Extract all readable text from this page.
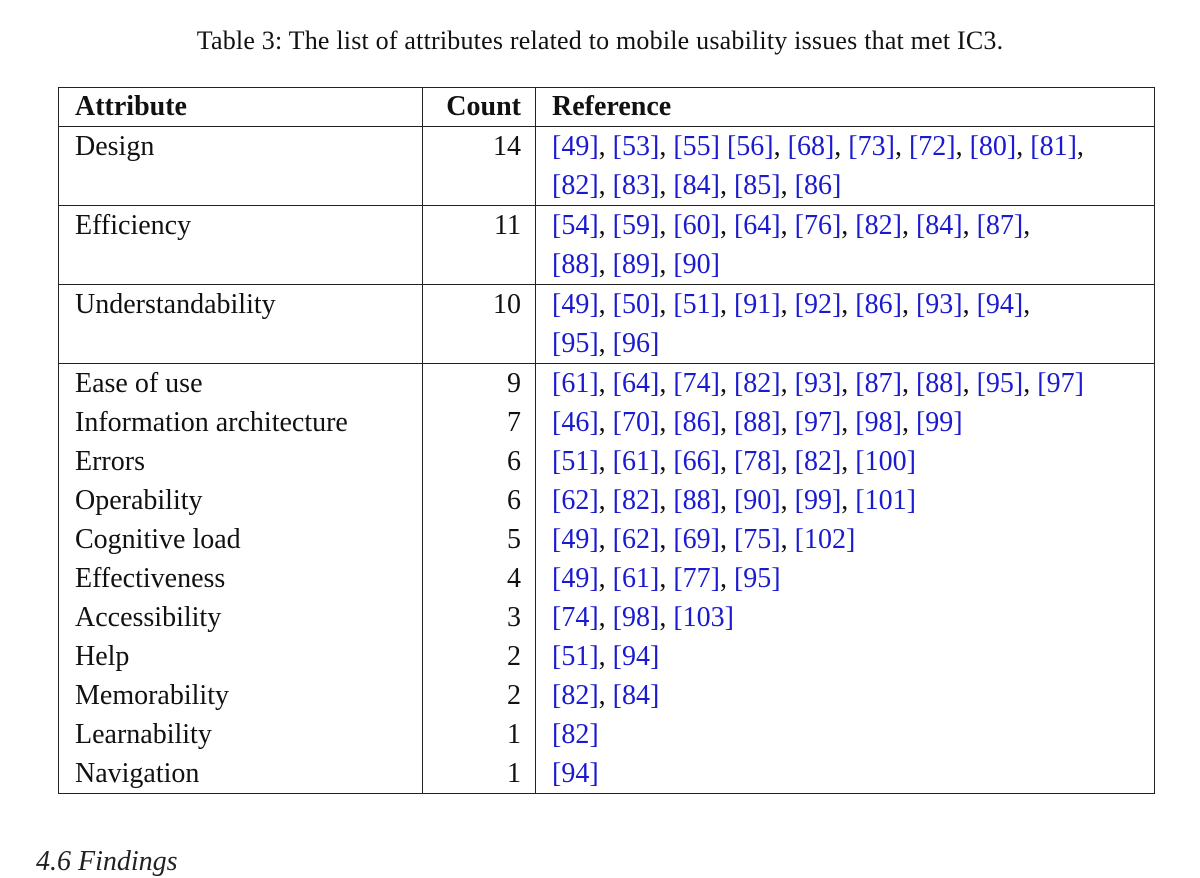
Table 3: The list of attributes related to mobile usability issues that met IC3.
Attribute	Count	Reference
Design	14	[49], [53], [55] [56], [68], [73], [72], [80], [81],
[82], [83], [84], [85], [86]

Efficiency	11	[54], [59], [60], [64], [76], [82], [84], [87],
[88], [89], [90]

Understandability	10	[49], [50], [51], [91], [92], [86], [93], [94],
[95], [96]

Ease of use	9	[61], [64], [74], [82], [93], [87], [88], [95], [97]

Information architecture	7	[46], [70], [86], [88], [97], [98], [99]

Errors	6	[51], [61], [66], [78], [82], [100]

Operability	6	[62], [82], [88], [90], [99], [101]

Cognitive load	5	[49], [62], [69], [75], [102]

Effectiveness	4	[49], [61], [77], [95]

Accessibility	3	[74], [98], [103]

Help	2	[51], [94]

Memorability	2	[82], [84]

Learnability	1	[82]

Navigation	1	[94]
4.6 Findings
